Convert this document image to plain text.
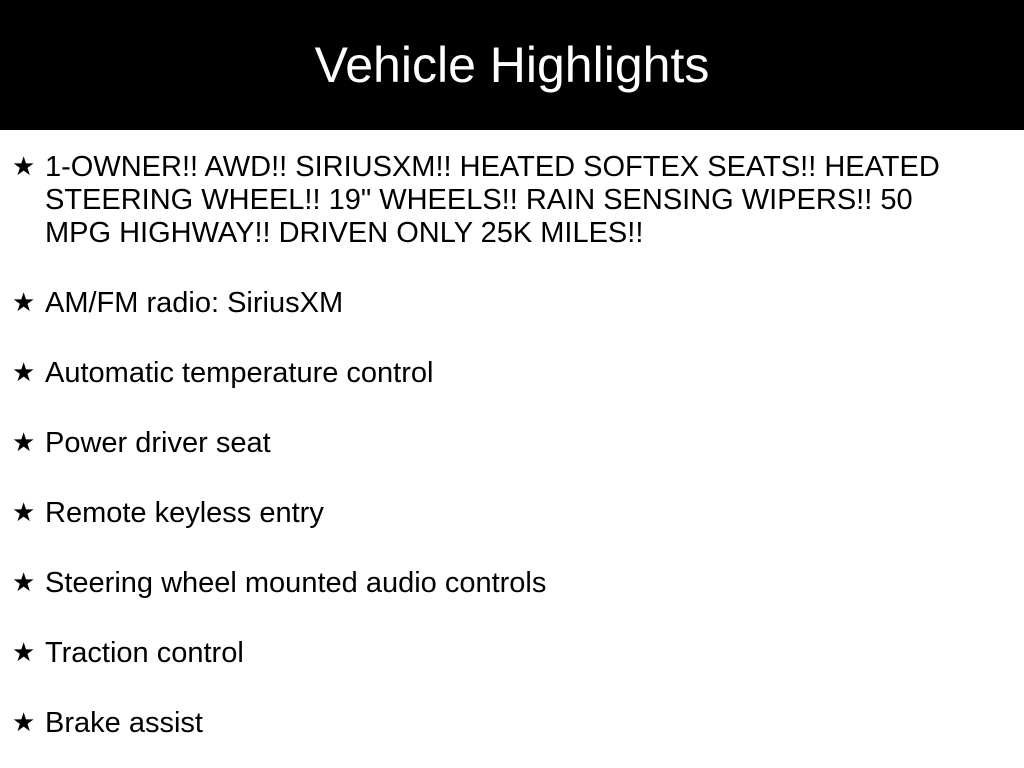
Vehicle Highlights
★ 1-OWNER!! AWD!! SIRIUSXM!! HEATED SOFTEX SEATS!! HEATED STEERING WHEEL!! 19" WHEELS!! RAIN SENSING WIPERS!! 50 MPG HIGHWAY!! DRIVEN ONLY 25K MILES!!
★ AM/FM radio: SiriusXM
★ Automatic temperature control
★ Power driver seat
★ Remote keyless entry
★ Steering wheel mounted audio controls
★ Traction control
★ Brake assist
